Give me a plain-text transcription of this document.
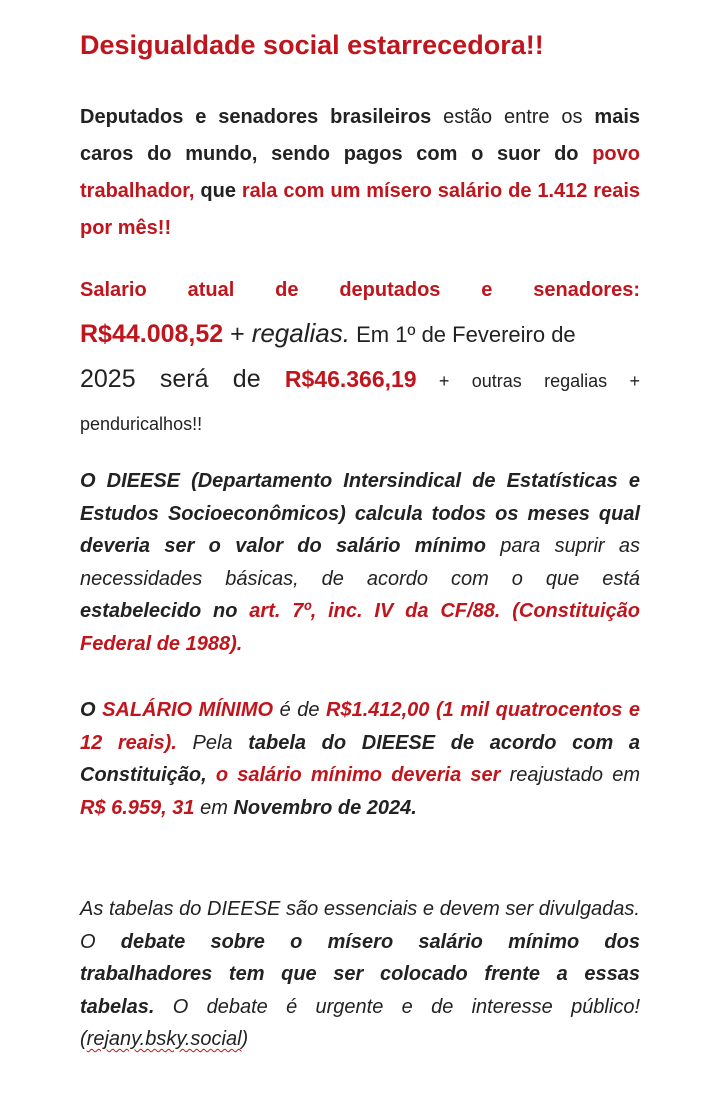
Desigualdade social estarrecedora!!

Deputados e senadores brasileiros estão entre os mais caros do mundo, sendo pagos com o suor do povo trabalhador, que rala com um mísero salário de 1.412 reais por mês!!

Salario atual de deputados e senadores:
R$44.008,52 + regalias. Em 1º de Fevereiro de
2025 será de R$46.366,19 + outras regalias + penduricalhos!!

O DIEESE (Departamento Intersindical de Estatísticas e Estudos Socioeconômicos) calcula todos os meses qual deveria ser o valor do salário mínimo para suprir as necessidades básicas, de acordo com o que está estabelecido no art. 7º, inc. IV da CF/88. (Constituição Federal de 1988).

O SALÁRIO MÍNIMO é de R$1.412,00 (1 mil quatrocentos e 12 reais). Pela tabela do DIEESE de acordo com a Constituição, o salário mínimo deveria ser reajustado em R$ 6.959, 31 em Novembro de 2024.

As tabelas do DIEESE são essenciais e devem ser divulgadas. O debate sobre o mísero salário mínimo dos trabalhadores tem que ser colocado frente a essas tabelas. O debate é urgente e de interesse público! (rejany.bsky.social)
